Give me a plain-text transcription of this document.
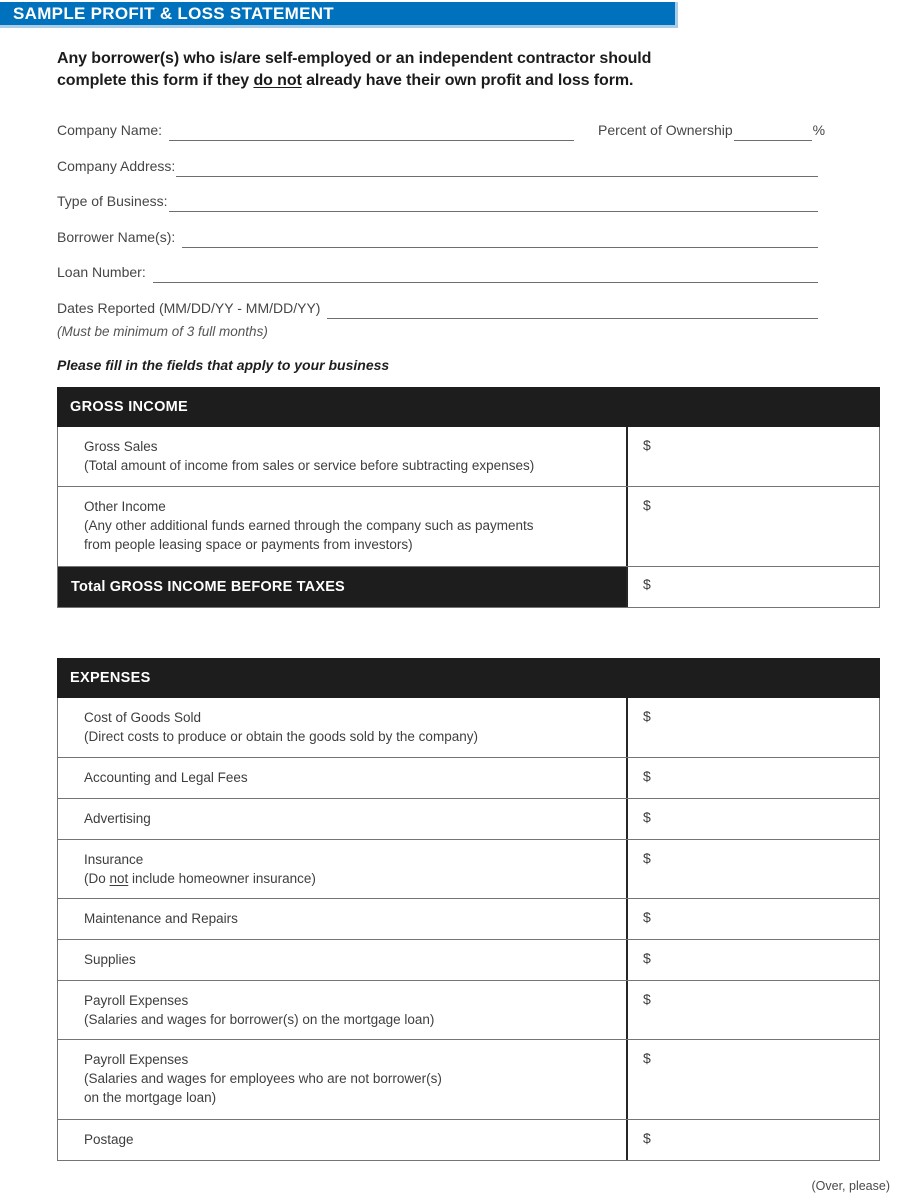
SAMPLE PROFIT & LOSS STATEMENT
Any borrower(s) who is/are self-employed or an independent contractor should
complete this form if they do not already have their own profit and loss form.
Company Name:	Percent of Ownership	%
Company Address:
Type of Business:
Borrower Name(s):
Loan Number:
Dates Reported (MM/DD/YY - MM/DD/YY)
(Must be minimum of 3 full months)
Please fill in the fields that apply to your business
GROSS INCOME
Gross Sales
(Total amount of income from sales or service before subtracting expenses)
$
Other Income
(Any other additional funds earned through the company such as payments
from people leasing space or payments from investors)
$
Total GROSS INCOME BEFORE TAXES	$
EXPENSES
Cost of Goods Sold
(Direct costs to produce or obtain the goods sold by the company)
$
Accounting and Legal Fees	$
Advertising	$
Insurance
(Do not include homeowner insurance)
$
Maintenance and Repairs	$
Supplies	$
Payroll Expenses
(Salaries and wages for borrower(s) on the mortgage loan)
$
Payroll Expenses
(Salaries and wages for employees who are not borrower(s)
on the mortgage loan)
$
Postage	$
(Over, please)
